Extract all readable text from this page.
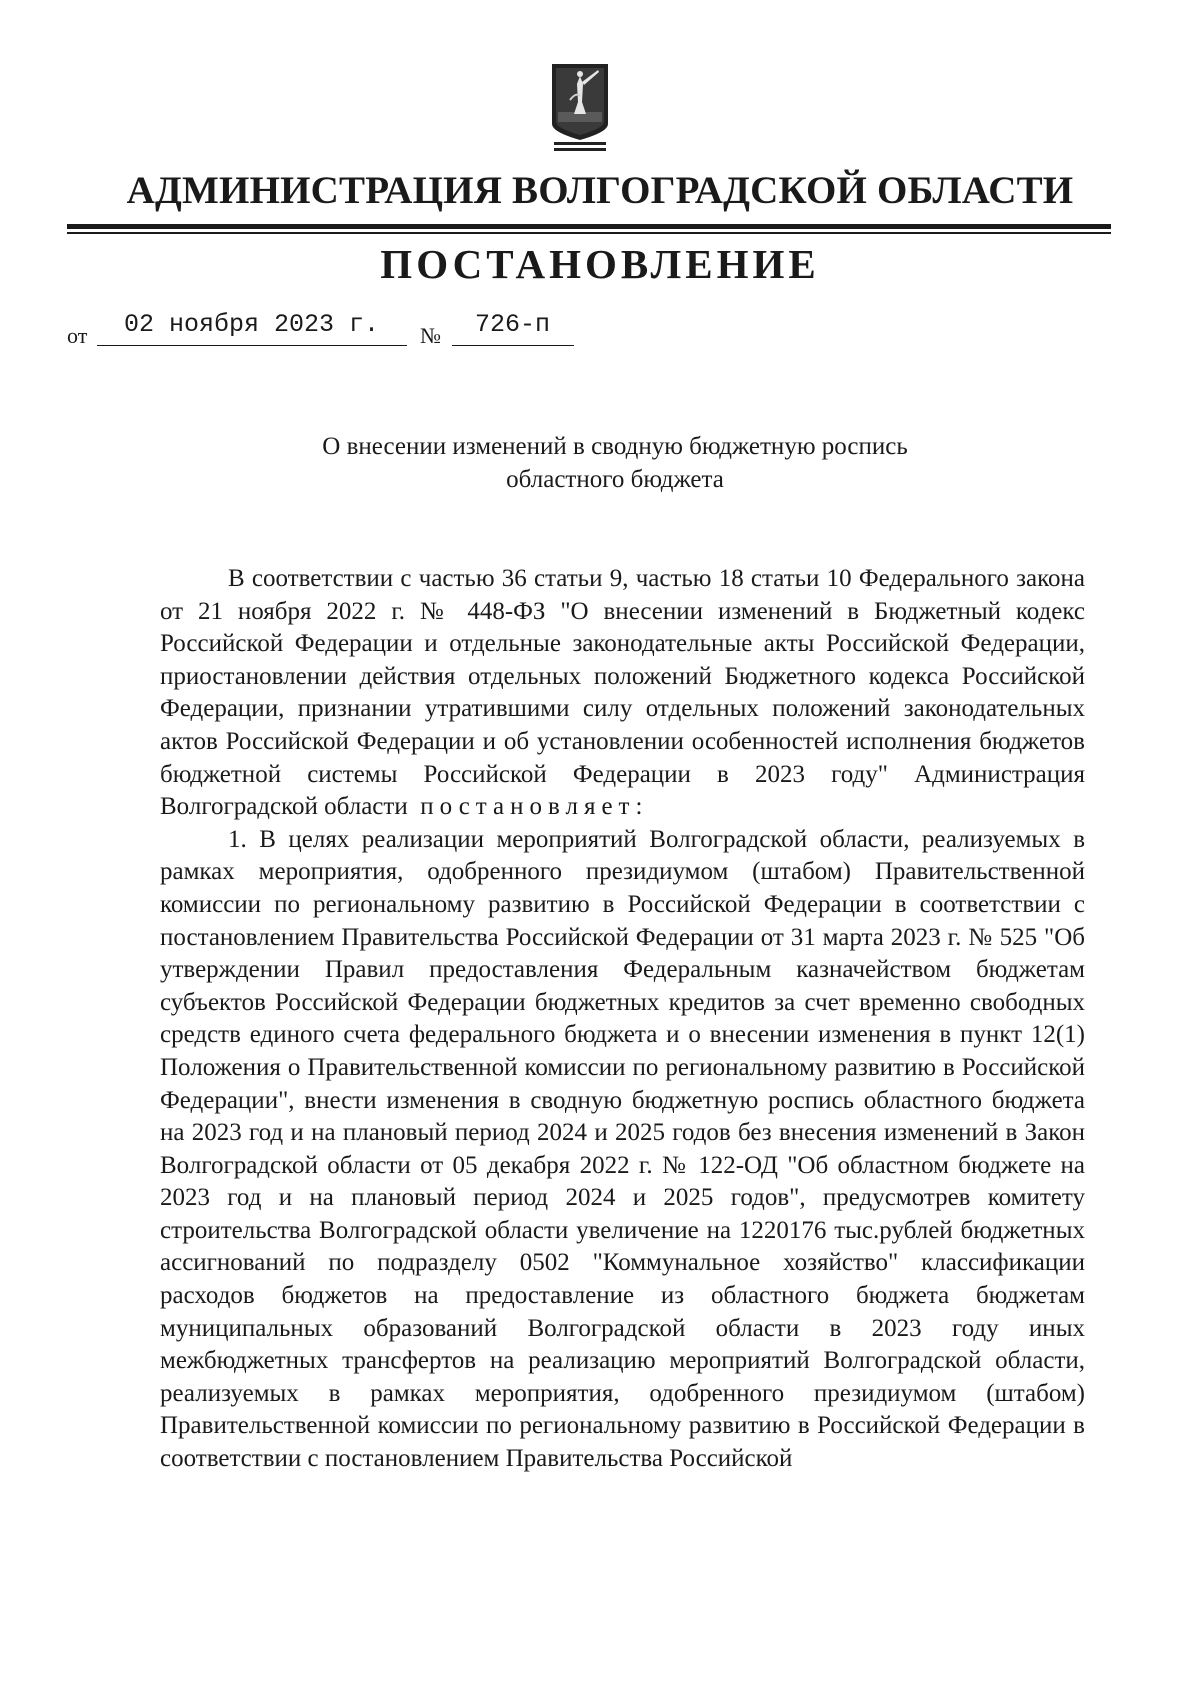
АДМИНИСТРАЦИЯ ВОЛГОГРАДСКОЙ ОБЛАСТИ
ПОСТАНОВЛЕНИЕ
от 02 ноября 2023 г. № 726-п
О внесении изменений в сводную бюджетную роспись
областного бюджета

В соответствии с частью 36 статьи 9, частью 18 статьи 10 Федерального закона от 21 ноября 2022 г. № 448-ФЗ "О внесении изменений в Бюджетный кодекс Российской Федерации и отдельные законодательные акты Российской Федерации, приостановлении действия отдельных положений Бюджетного кодекса Российской Федерации, признании утратившими силу отдельных положений законодательных актов Российской Федерации и об установлении особенностей исполнения бюджетов бюджетной системы Российской Федерации в 2023 году" Администрация Волгоградской области постановляет:

1. В целях реализации мероприятий Волгоградской области, реализуемых в рамках мероприятия, одобренного президиумом (штабом) Правительственной комиссии по региональному развитию в Российской Федерации в соответствии с постановлением Правительства Российской Федерации от 31 марта 2023 г. № 525 "Об утверждении Правил предоставления Федеральным казначейством бюджетам субъектов Российской Федерации бюджетных кредитов за счет временно свободных средств единого счета федерального бюджета и о внесении изменения в пункт 12(1) Положения о Правительственной комиссии по региональному развитию в Российской Федерации", внести изменения в сводную бюджетную роспись областного бюджета на 2023 год и на плановый период 2024 и 2025 годов без внесения изменений в Закон Волгоградской области от 05 декабря 2022 г. № 122-ОД "Об областном бюджете на 2023 год и на плановый период 2024 и 2025 годов", предусмотрев комитету строительства Волгоградской области увеличение на 1220176 тыс.рублей бюджетных ассигнований по подразделу 0502 "Коммунальное хозяйство" классификации расходов бюджетов на предоставление из областного бюджета бюджетам муниципальных образований Волгоградской области в 2023 году иных межбюджетных трансфертов на реализацию мероприятий Волгоградской области, реализуемых в рамках мероприятия, одобренного президиумом (штабом) Правительственной комиссии по региональному развитию в Российской Федерации в соответствии с постановлением Правительства Российской
